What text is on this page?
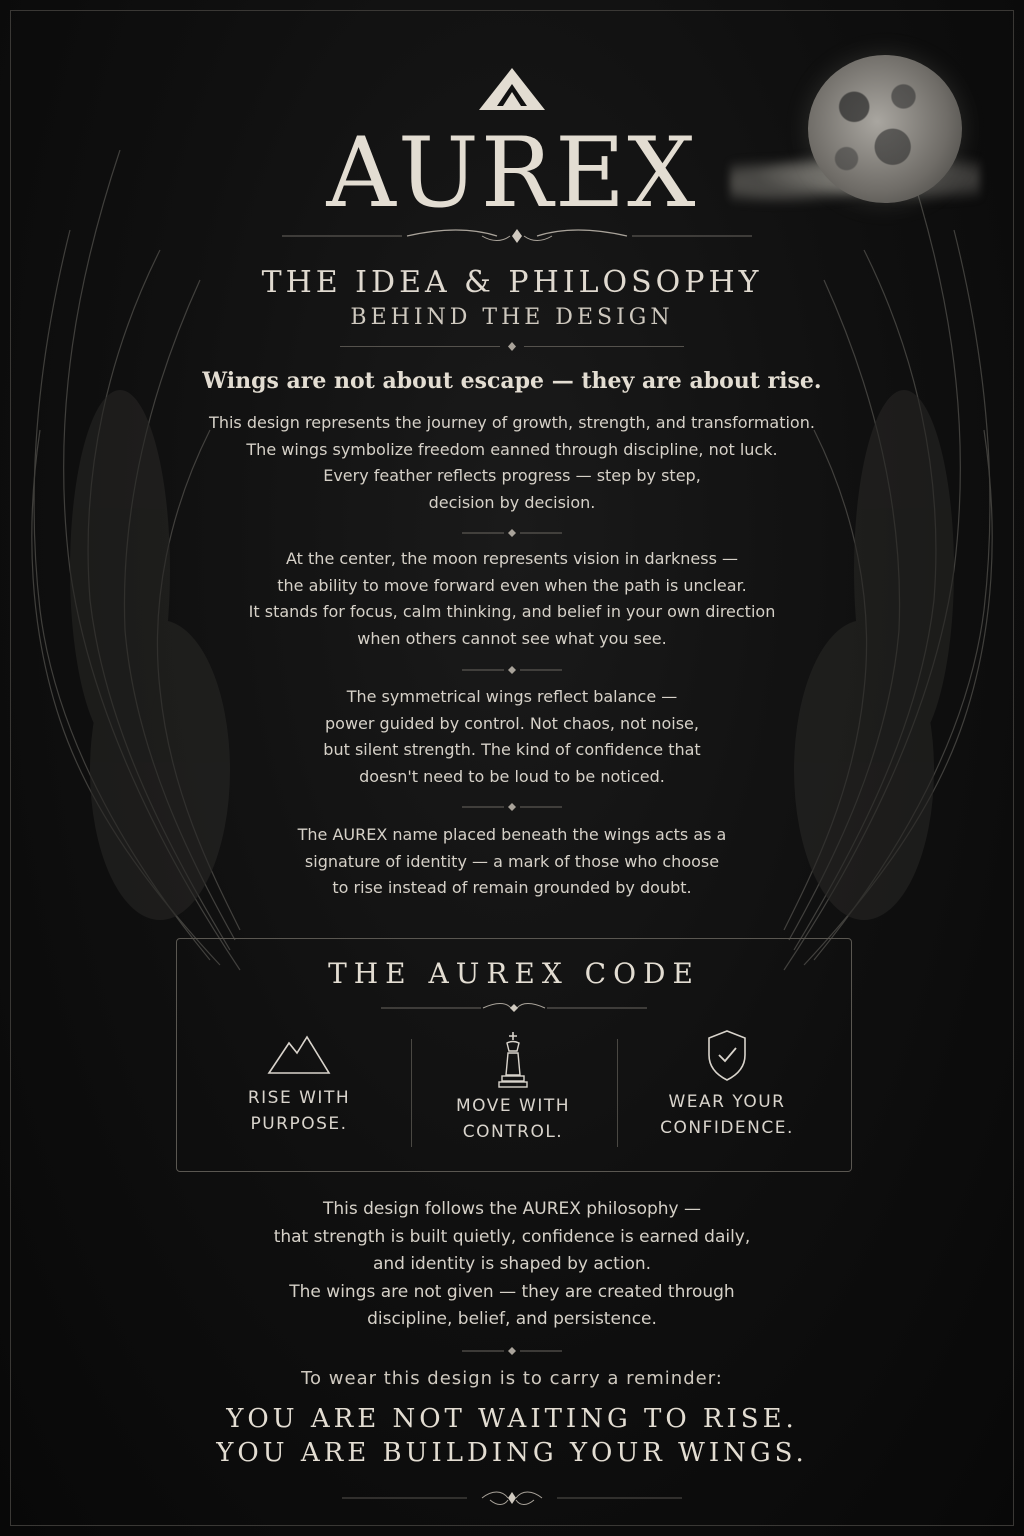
AUREX
THE IDEA & PHILOSOPHY
BEHIND THE DESIGN
Wings are not about escape — they are about rise.

This design represents the journey of growth, strength, and transformation.

The wings symbolize freedom eanned through discipline, not luck.

Every feather reflects progress — step by step,

decision by decision.

At the center, the moon represents vision in darkness —

the ability to move forward even when the path is unclear.

It stands for focus, calm thinking, and belief in your own direction

when others cannot see what you see.

The symmetrical wings reflect balance —

power guided by control. Not chaos, not noise,

but silent strength. The kind of confidence that

doesn't need to be loud to be noticed.

The AUREX name placed beneath the wings acts as a

signature of identity — a mark of those who choose

to rise instead of remain grounded by doubt.

THE AUREX CODE
RISE WITH
PURPOSE.
MOVE WITH
CONTROL.
WEAR YOUR
CONFIDENCE.

This design follows the AUREX philosophy —

that strength is built quietly, confidence is earned daily,

and identity is shaped by action.

The wings are not given — they are created through

discipline, belief, and persistence.

To wear this design is to carry a reminder:

YOU ARE NOT WAITING TO RISE.

YOU ARE BUILDING YOUR WINGS.
